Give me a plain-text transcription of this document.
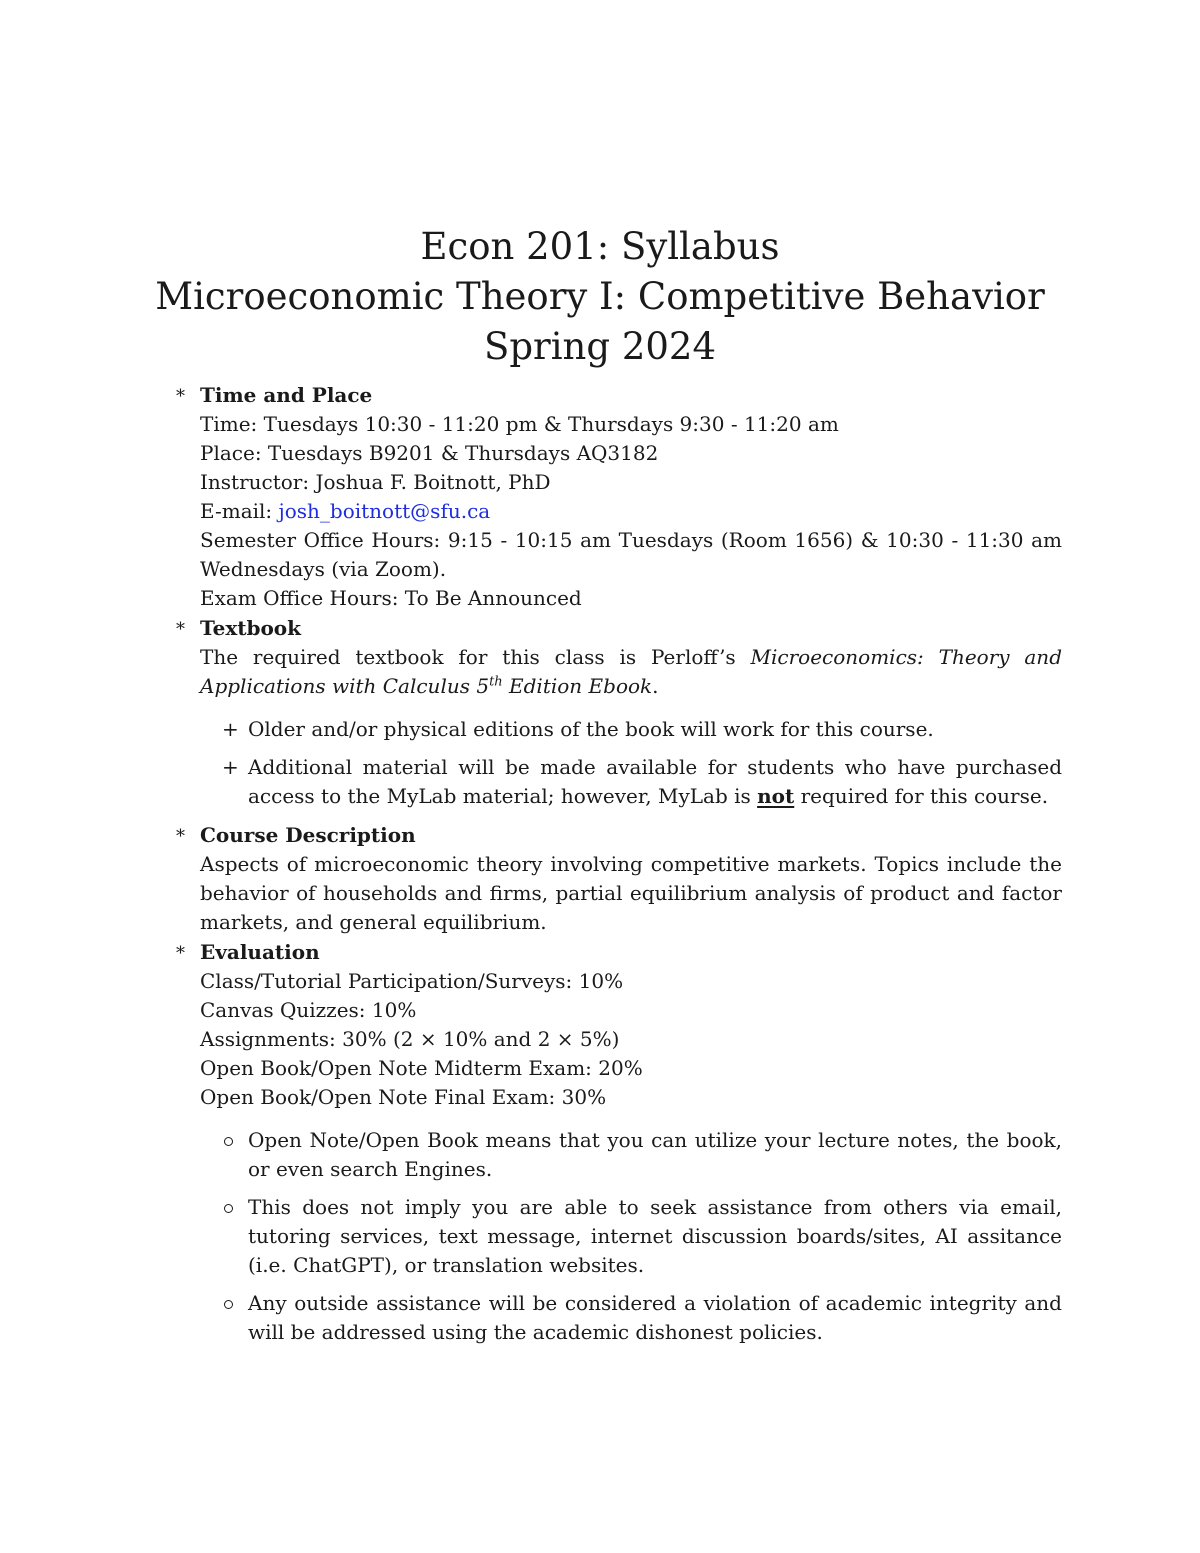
Econ 201: Syllabus
Microeconomic Theory I: Competitive Behavior
Spring 2024
* Time and Place
Time: Tuesdays 10:30 - 11:20 pm & Thursdays 9:30 - 11:20 am
Place: Tuesdays B9201 & Thursdays AQ3182
Instructor: Joshua F. Boitnott, PhD
E-mail: josh_boitnott@sfu.ca
Semester Office Hours: 9:15 - 10:15 am Tuesdays (Room 1656) & 10:30 - 11:30 am Wednesdays (via Zoom).
Exam Office Hours: To Be Announced
* Textbook
The required textbook for this class is Perloff’s Microeconomics: Theory and Applications with Calculus 5th Edition Ebook.
+ Older and/or physical editions of the book will work for this course.
+ Additional material will be made available for students who have purchased access to the MyLab material; however, MyLab is not required for this course.
* Course Description
Aspects of microeconomic theory involving competitive markets. Topics include the behavior of households and firms, partial equilibrium analysis of product and factor markets, and general equilibrium.
* Evaluation
Class/Tutorial Participation/Surveys: 10%
Canvas Quizzes: 10%
Assignments: 30% (2 × 10% and 2 × 5%)
Open Book/Open Note Midterm Exam: 20%
Open Book/Open Note Final Exam: 30%
Open Note/Open Book means that you can utilize your lecture notes, the book, or even search Engines.
This does not imply you are able to seek assistance from others via email, tutoring services, text message, internet discussion boards/sites, AI assitance (i.e. ChatGPT), or translation websites.
Any outside assistance will be considered a violation of academic integrity and will be addressed using the academic dishonest policies.
